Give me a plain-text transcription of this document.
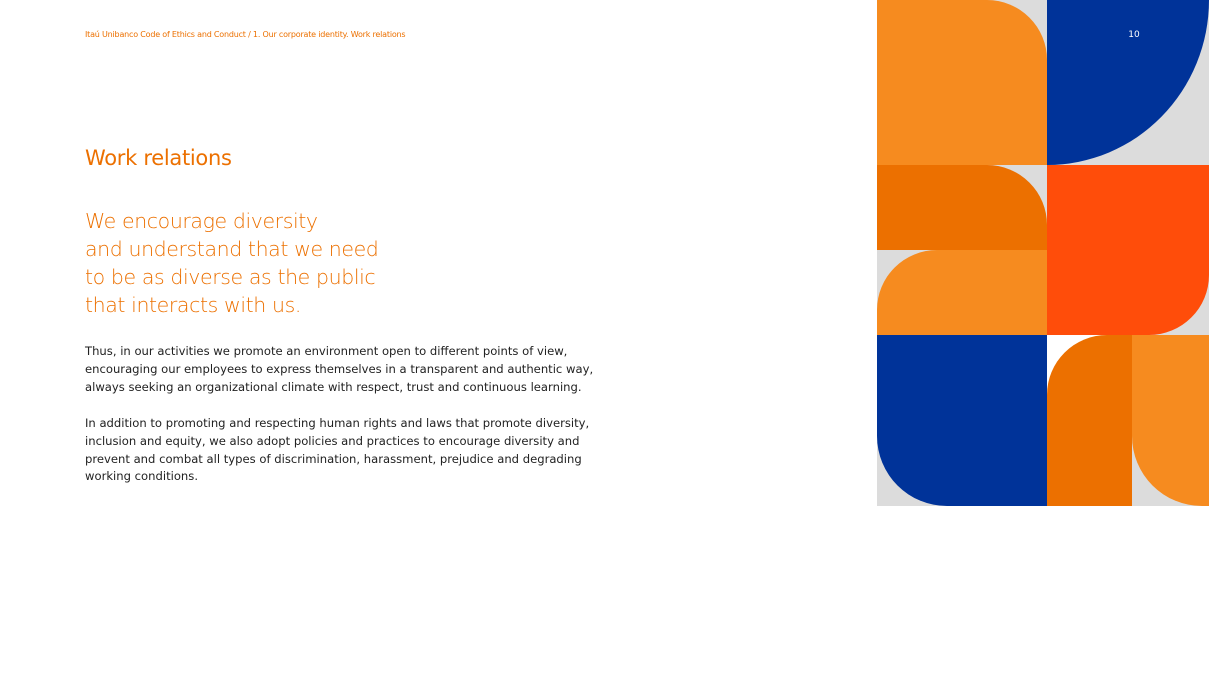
Itaú Unibanco Code of Ethics and Conduct / 1. Our corporate identity. Work relations
Work relations

We encourage diversity
and understand that we need
to be as diverse as the public
that interacts with us.

Thus, in our activities we promote an environment open to different points of view,
encouraging our employees to express themselves in a transparent and authentic way,
always seeking an organizational climate with respect, trust and continuous learning.

In addition to promoting and respecting human rights and laws that promote diversity,
inclusion and equity, we also adopt policies and practices to encourage diversity and
prevent and combat all types of discrimination, harassment, prejudice and degrading
working conditions.

10
